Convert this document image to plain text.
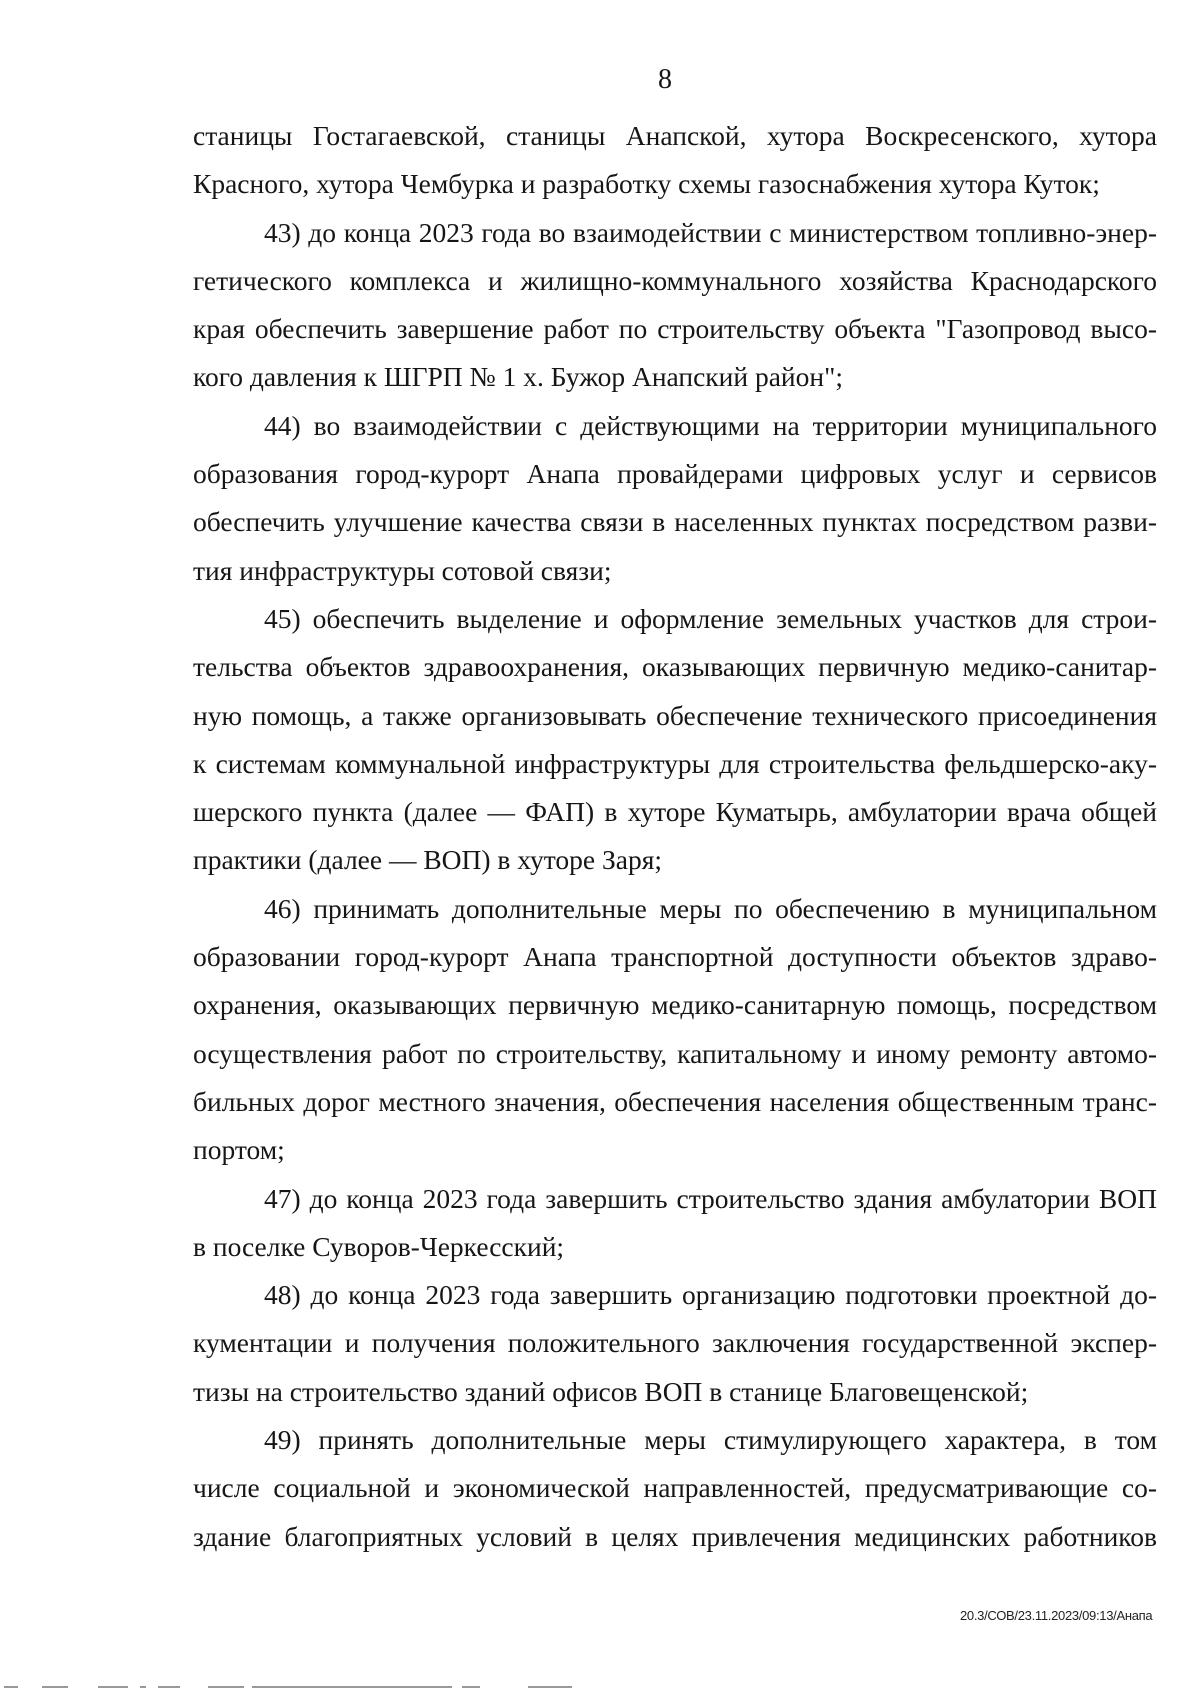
8

станицы Гостагаевской, станицы Анапской, хутора Воскресенского, хутора
Красного, хутора Чембурка и разработку схемы газоснабжения хутора Куток;

43) до конца 2023 года во взаимодействии с министерством топливно-энер-
гетического комплекса и жилищно-коммунального хозяйства Краснодарского
края обеспечить завершение работ по строительству объекта "Газопровод высо-
кого давления к ШГРП № 1 х. Бужор Анапский район";

44) во взаимодействии с действующими на территории муниципального
образования город-курорт Анапа провайдерами цифровых услуг и сервисов
обеспечить улучшение качества связи в населенных пунктах посредством разви-
тия инфраструктуры сотовой связи;

45) обеспечить выделение и оформление земельных участков для строи-
тельства объектов здравоохранения, оказывающих первичную медико-санитар-
ную помощь, а также организовывать обеспечение технического присоединения
к системам коммунальной инфраструктуры для строительства фельдшерско-аку-
шерского пункта (далее — ФАП) в хуторе Куматырь, амбулатории врача общей
практики (далее — ВОП) в хуторе Заря;

46) принимать дополнительные меры по обеспечению в муниципальном
образовании город-курорт Анапа транспортной доступности объектов здраво-
охранения, оказывающих первичную медико-санитарную помощь, посредством
осуществления работ по строительству, капитальному и иному ремонту автомо-
бильных дорог местного значения, обеспечения населения общественным транс-
портом;

47) до конца 2023 года завершить строительство здания амбулатории ВОП
в поселке Суворов-Черкесский;

48) до конца 2023 года завершить организацию подготовки проектной до-
кументации и получения положительного заключения государственной экспер-
тизы на строительство зданий офисов ВОП в станице Благовещенской;

49) принять дополнительные меры стимулирующего характера, в том
числе социальной и экономической направленностей, предусматривающие со-
здание благоприятных условий в целях привлечения медицинских работников

20.3/СОВ/23.11.2023/09:13/Анапа
